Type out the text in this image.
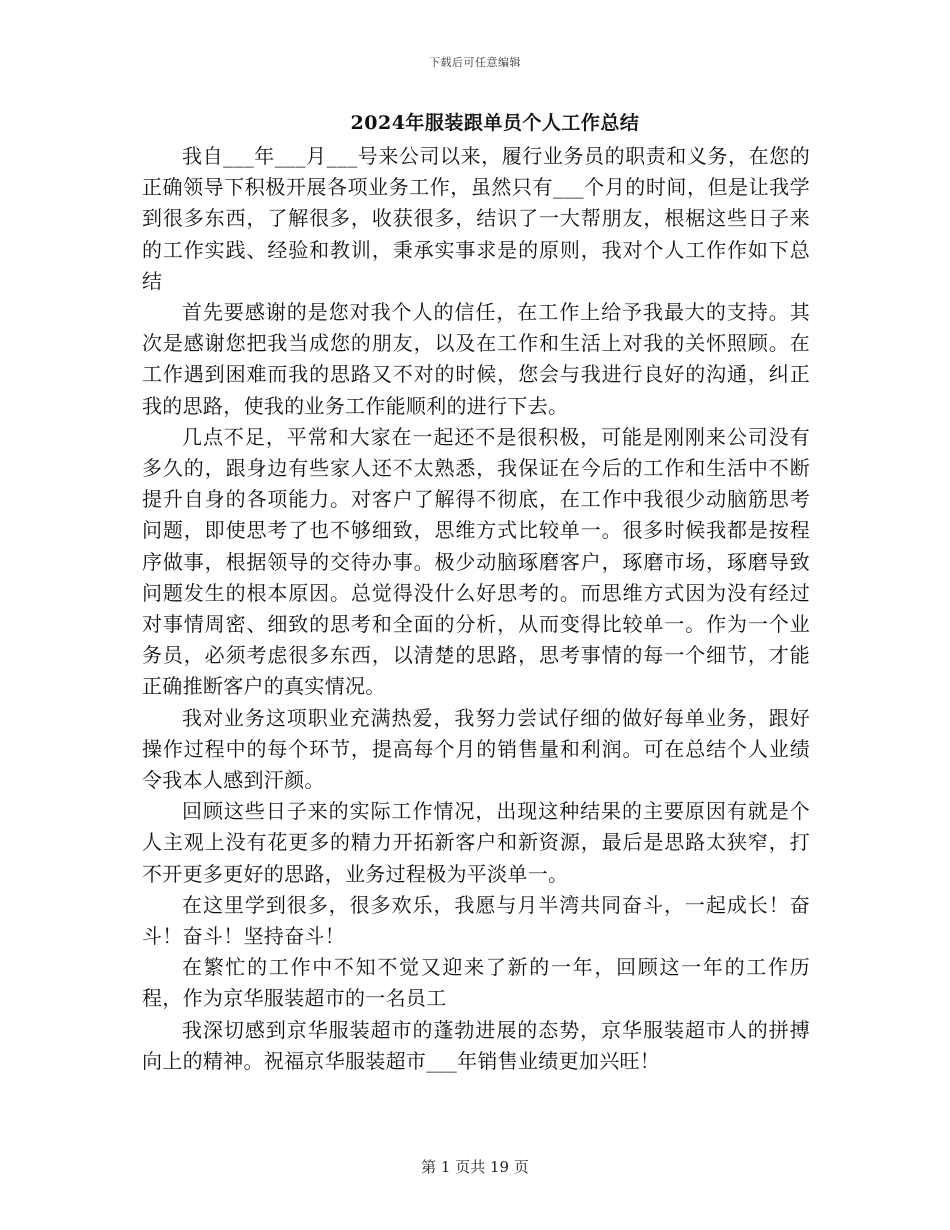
下载后可任意编辑
2024年服装跟单员个人工作总结

我自___年___月___号来公司以来，履行业务员的职责和义务，在您的正确领导下积极开展各项业务工作，虽然只有___个月的时间，但是让我学到很多东西，了解很多，收获很多，结识了一大帮朋友，根椐这些日子来的工作实践、经验和教训，秉承实事求是的原则，我对个人工作作如下总结

首先要感谢的是您对我个人的信任，在工作上给予我最大的支持。其次是感谢您把我当成您的朋友，以及在工作和生活上对我的关怀照顾。在工作遇到困难而我的思路又不对的时候，您会与我进行良好的沟通，纠正我的思路，使我的业务工作能顺利的进行下去。

几点不足，平常和大家在一起还不是很积极，可能是刚刚来公司没有多久的，跟身边有些家人还不太熟悉，我保证在今后的工作和生活中不断提升自身的各项能力。对客户了解得不彻底，在工作中我很少动脑筋思考问题，即使思考了也不够细致，思维方式比较单一。很多时候我都是按程序做事，根据领导的交待办事。极少动脑琢磨客户，琢磨市场，琢磨导致问题发生的根本原因。总觉得没什么好思考的。而思维方式因为没有经过对事情周密、细致的思考和全面的分析，从而变得比较单一。作为一个业务员，必须考虑很多东西，以清楚的思路，思考事情的每一个细节，才能正确推断客户的真实情况。

我对业务这项职业充满热爱，我努力尝试仔细的做好每单业务，跟好操作过程中的每个环节，提高每个月的销售量和利润。可在总结个人业绩令我本人感到汗颜。

回顾这些日子来的实际工作情况，出现这种结果的主要原因有就是个人主观上没有花更多的精力开拓新客户和新资源，最后是思路太狭窄，打不开更多更好的思路，业务过程极为平淡单一。

在这里学到很多，很多欢乐，我愿与月半湾共同奋斗，一起成长！奋斗！奋斗！坚持奋斗！

在繁忙的工作中不知不觉又迎来了新的一年，回顾这一年的工作历程，作为京华服装超市的一名员工

我深切感到京华服装超市的蓬勃进展的态势，京华服装超市人的拼搏向上的精神。祝福京华服装超市___年销售业绩更加兴旺！

第 1 页共 19 页
